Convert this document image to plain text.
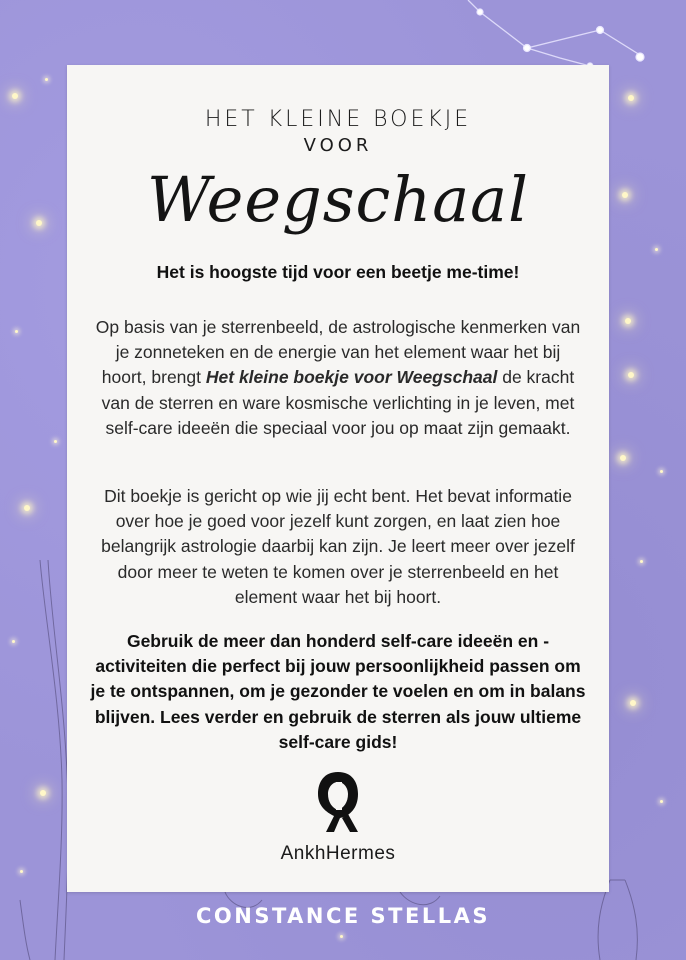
HET KLEINE BOEKJE
VOOR
Weegschaal
Het is hoogste tijd voor een beetje me-time!
Op basis van je sterrenbeeld, de astrologische kenmerken van je zonneteken en de energie van het element waar het bij hoort, brengt Het kleine boekje voor Weegschaal de kracht van de sterren en ware kosmische verlichting in je leven, met self-care ideeën die speciaal voor jou op maat zijn gemaakt.
Dit boekje is gericht op wie jij echt bent. Het bevat informatie over hoe je goed voor jezelf kunt zorgen, en laat zien hoe belangrijk astrologie daarbij kan zijn. Je leert meer over jezelf door meer te weten te komen over je sterrenbeeld en het element waar het bij hoort.
Gebruik de meer dan honderd self-care ideeën en -activiteiten die perfect bij jouw persoonlijkheid passen om je te ontspannen, om je gezonder te voelen en om in balans blijven. Lees verder en gebruik de sterren als jouw ultieme self-care gids!
AnkhHermes
CONSTANCE STELLAS
